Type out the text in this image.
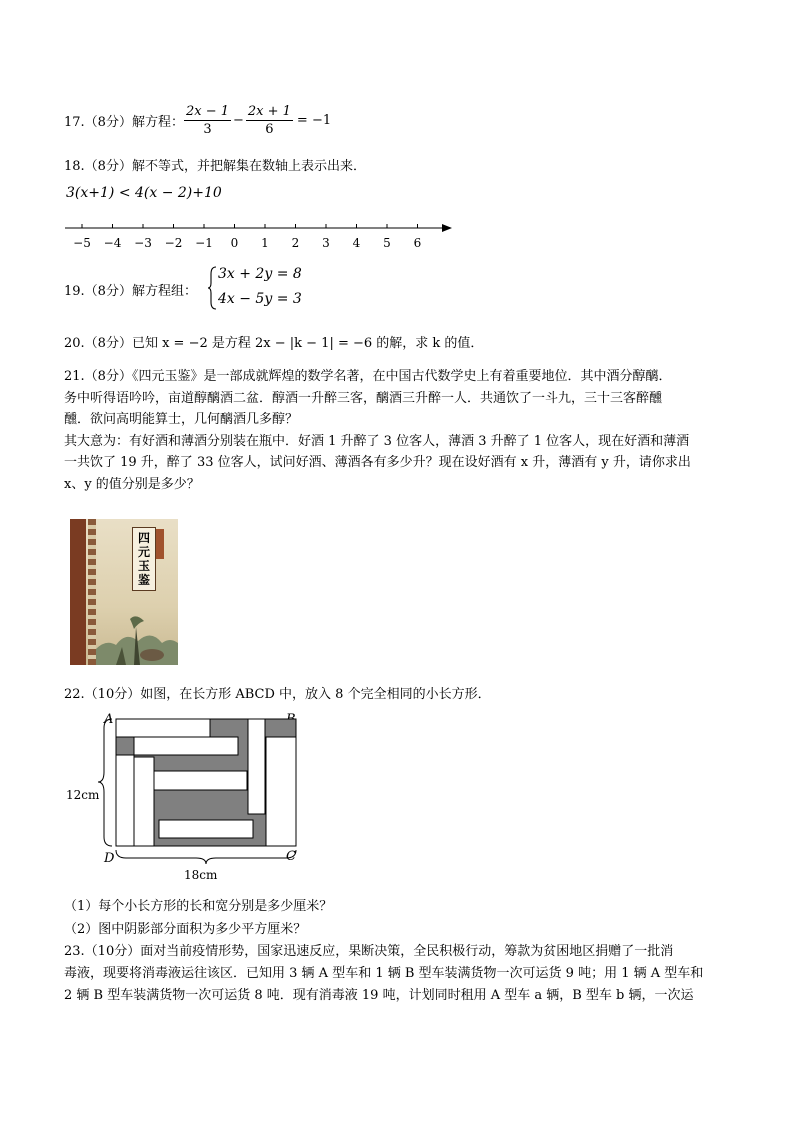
17.（8分）解方程： $\frac{2x - 1}{3} - \frac{2x + 1}{6} = -1$
18.（8分）解不等式，并把解集在数轴上表示出来．
3(x+1) < 4(x − 2)+10
−5 −4 −3 −2 −1 0 1 2 3 4 5 6
19.（8分）解方程组：
3x + 2y = 8
4x − 5y = 3
20.（8分）已知 x = −2 是方程 2x − |k − 1| = −6 的解，求 k 的值．
21.（8分）《四元玉鉴》是一部成就辉煌的数学名著，在中国古代数学史上有着重要地位．其中酒分醇醨．
务中听得语吟吟，亩道醇醨酒二盆．醇酒一升醉三客，醨酒三升醉一人．共通饮了一斗九，三十三客醉醺
醺．欲问高明能算士，几何醨酒几多醇？
其大意为：有好酒和薄酒分别装在瓶中．好酒 1 升醉了 3 位客人，薄酒 3 升醉了 1 位客人，现在好酒和薄酒
一共饮了 19 升，醉了 33 位客人，试问好酒、薄酒各有多少升？现在设好酒有 x 升，薄酒有 y 升，请你求出
x、y 的值分别是多少？
四
元
玉
鉴
22.（10分）如图，在长方形 ABCD 中，放入 8 个完全相同的小长方形．
A
D	C
12cm
18cm
（1）每个小长方形的长和宽分别是多少厘米？
（2）图中阴影部分面积为多少平方厘米？
23.（10分）面对当前疫情形势，国家迅速反应，果断决策，全民积极行动，筹款为贫困地区捐赠了一批消
毒液，现要将消毒液运往该区．已知用 3 辆 A 型车和 1 辆 B 型车装满货物一次可运货 9 吨；用 1 辆 A 型车和
2 辆 B 型车装满货物一次可运货 8 吨．现有消毒液 19 吨，计划同时租用 A 型车 a 辆，B 型车 b 辆，一次运
